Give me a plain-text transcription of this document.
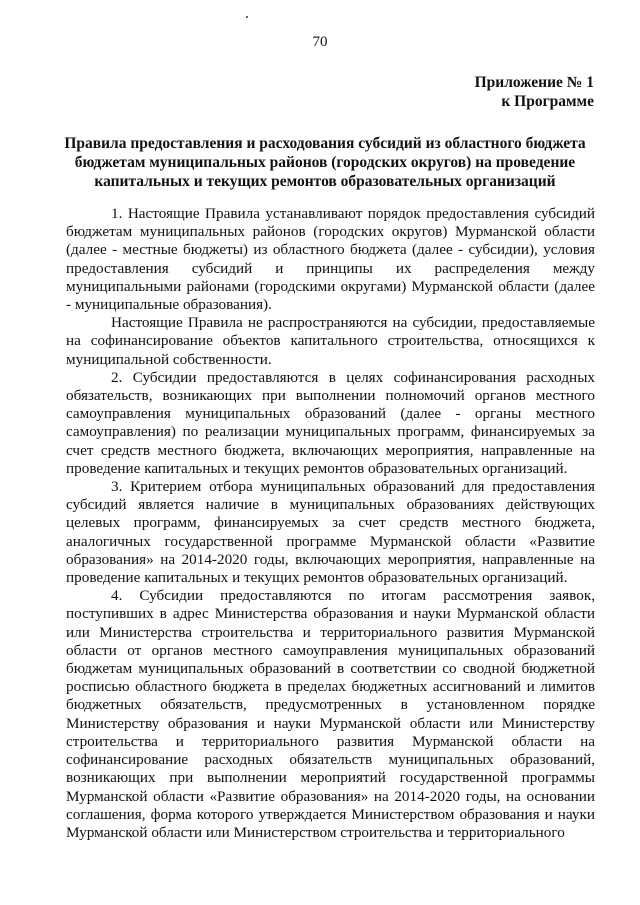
70
Приложение № 1
к Программе
Правила предоставления и расходования субсидий из областного бюджета бюджетам муниципальных районов (городских округов) на проведение капитальных и текущих ремонтов образовательных организаций

1. Настоящие Правила устанавливают порядок предоставления субсидий бюджетам муниципальных районов (городских округов) Мурманской области (далее - местные бюджеты) из областного бюджета (далее - субсидии), условия предоставления субсидий и принципы их распределения между муниципальными районами (городскими округами) Мурманской области (далее - муниципальные образования).

Настоящие Правила не распространяются на субсидии, предоставляемые на софинансирование объектов капитального строительства, относящихся к муниципальной собственности.

2. Субсидии предоставляются в целях софинансирования расходных обязательств, возникающих при выполнении полномочий органов местного самоуправления муниципальных образований (далее - органы местного самоуправления) по реализации муниципальных программ, финансируемых за счет средств местного бюджета, включающих мероприятия, направленные на проведение капитальных и текущих ремонтов образовательных организаций.

3. Критерием отбора муниципальных образований для предоставления субсидий является наличие в муниципальных образованиях действующих целевых программ, финансируемых за счет средств местного бюджета, аналогичных государственной программе Мурманской области «Развитие образования» на 2014-2020 годы, включающих мероприятия, направленные на проведение капитальных и текущих ремонтов образовательных организаций.

4. Субсидии предоставляются по итогам рассмотрения заявок, поступивших в адрес Министерства образования и науки Мурманской области или Министерства строительства и территориального развития Мурманской области от органов местного самоуправления муниципальных образований бюджетам муниципальных образований в соответствии со сводной бюджетной росписью областного бюджета в пределах бюджетных ассигнований и лимитов бюджетных обязательств, предусмотренных в установленном порядке Министерству образования и науки Мурманской области или Министерству строительства и территориального развития Мурманской области на софинансирование расходных обязательств муниципальных образований, возникающих при выполнении мероприятий государственной программы Мурманской области «Развитие образования» на 2014-2020 годы, на основании соглашения, форма которого утверждается Министерством образования и науки Мурманской области или Министерством строительства и территориального
